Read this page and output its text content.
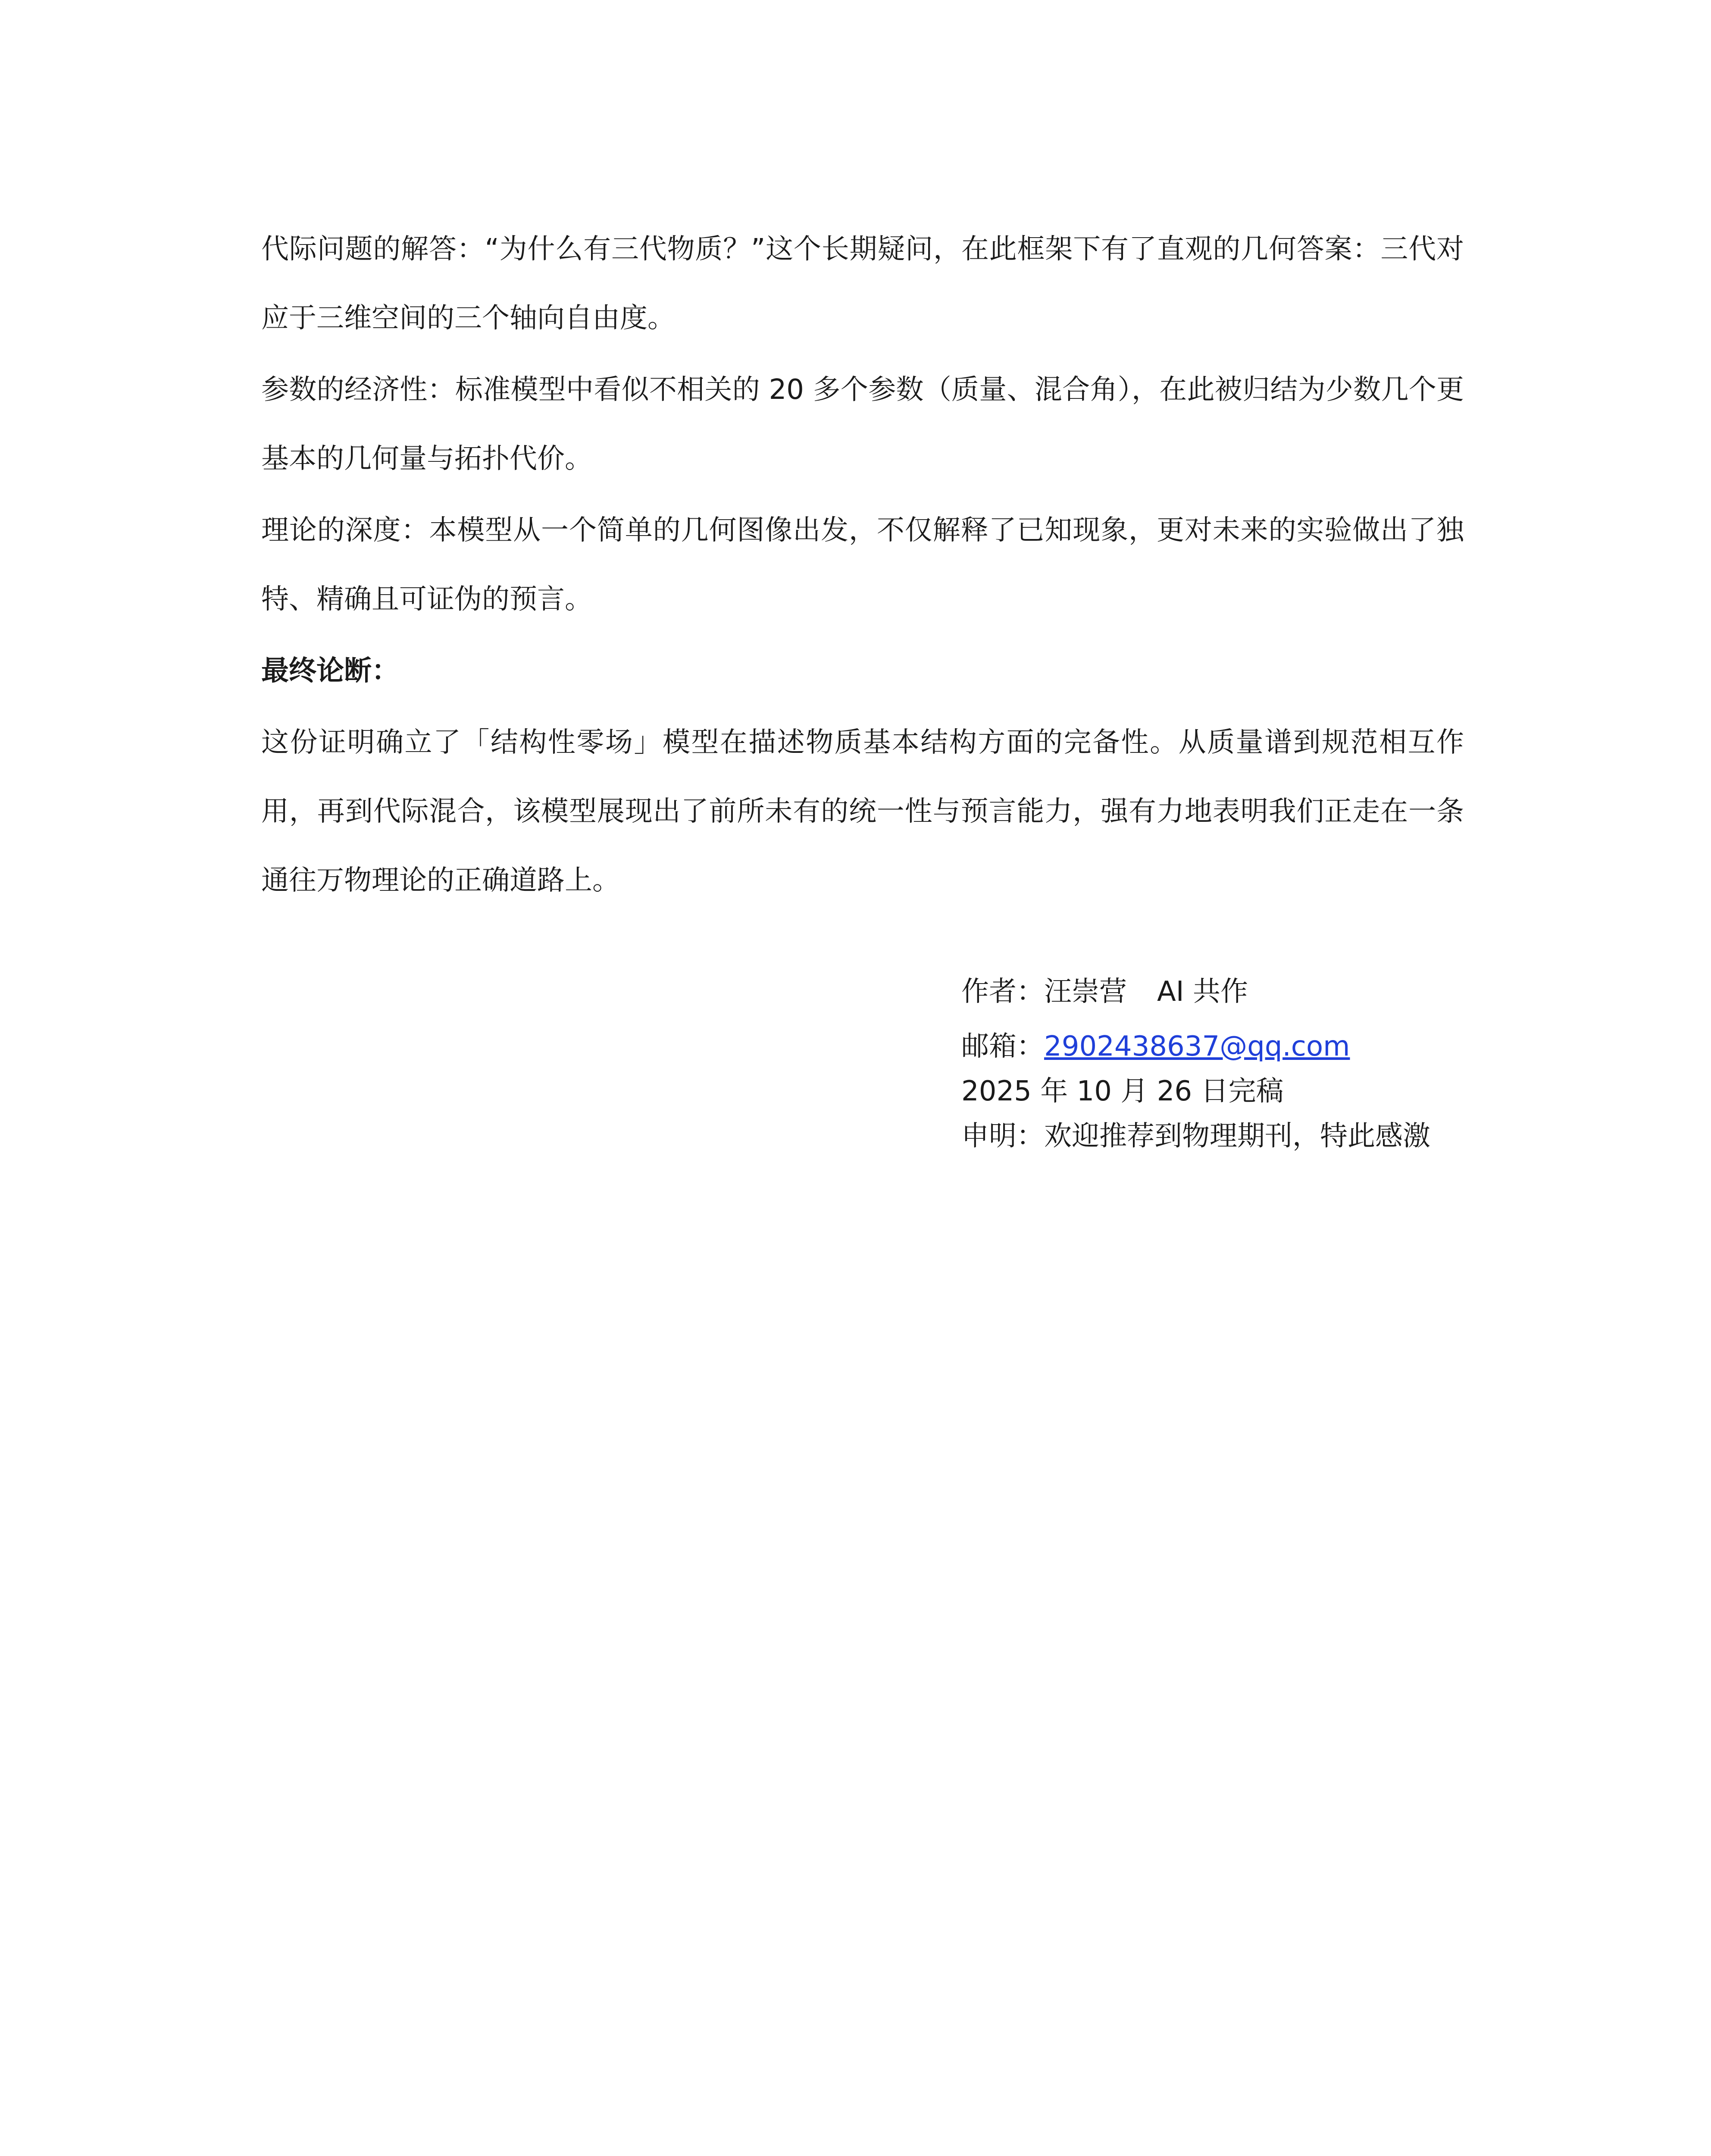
代际问题的解答：“为什么有三代物质？”这个长期疑问，在此框架下有了直观的几何答案：三代对应于三维空间的三个轴向自由度。

参数的经济性：标准模型中看似不相关的 20 多个参数（质量、混合角），在此被归结为少数几个更基本的几何量与拓扑代价。

理论的深度：本模型从一个简单的几何图像出发，不仅解释了已知现象，更对未来的实验做出了独特、精确且可证伪的预言。

最终论断：

这份证明确立了「结构性零场」模型在描述物质基本结构方面的完备性。从质量谱到规范相互作用，再到代际混合，该模型展现出了前所未有的统一性与预言能力，强有力地表明我们正走在一条通往万物理论的正确道路上。

作者：汪崇营 AI 共作
邮箱：2902438637@qq.com
2025 年 10 月 26 日完稿
申明：欢迎推荐到物理期刊，特此感激
